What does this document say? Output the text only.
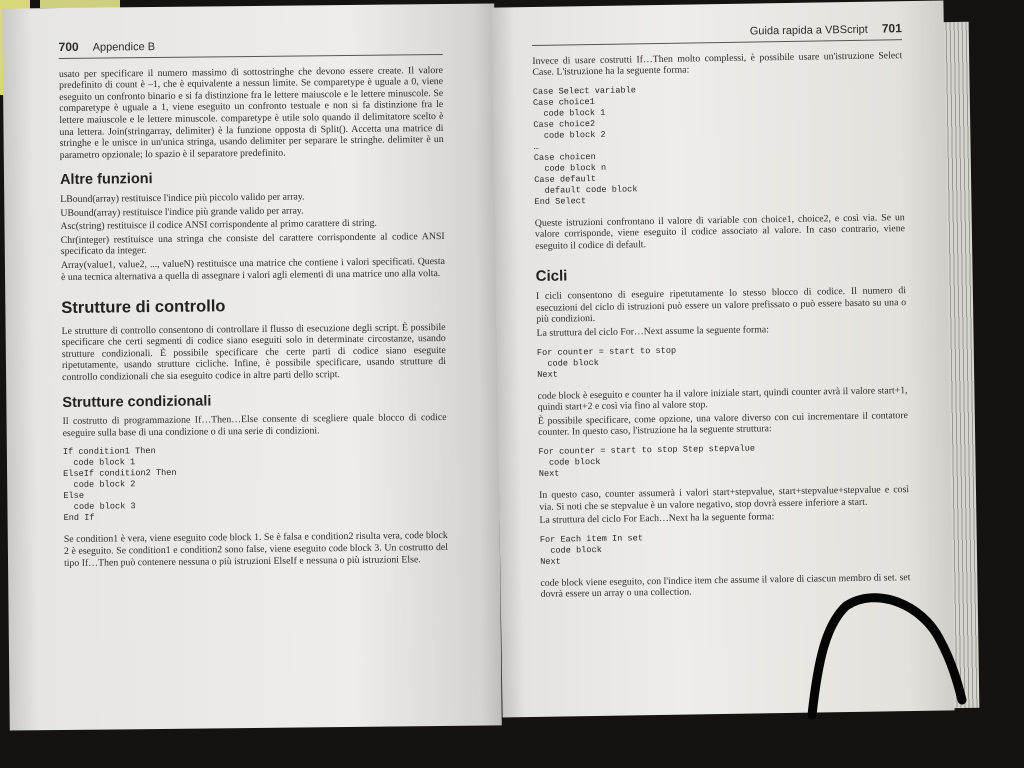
700 Appendice B

usato per specificare il numero massimo di sottostringhe che devono essere create. Il valore predefinito di count è –1, che è equivalente a nessun limite. Se comparetype è uguale a 0, viene eseguito un confronto binario e si fa distinzione fra le lettere maiuscole e le lettere minuscole. Se comparetype è uguale a 1, viene eseguito un confronto testuale e non si fa distinzione fra le lettere maiuscole e le lettere minuscole. comparetype è utile solo quando il delimitatore scelto è una lettera. Join(stringarray, delimiter) è la funzione opposta di Split(). Accetta una matrice di stringhe e le unisce in un'unica stringa, usando delimiter per separare le stringhe. delimiter è un parametro opzionale; lo spazio è il separatore predefinito.

Altre funzioni

LBound(array) restituisce l'indice più piccolo valido per array.

UBound(array) restituisce l'indice più grande valido per array.

Asc(string) restituisce il codice ANSI corrispondente al primo carattere di string.

Chr(integer) restituisce una stringa che consiste del carattere corrispondente al codice ANSI specificato da integer.

Array(value1, value2, ..., valueN) restituisce una matrice che contiene i valori specificati. Questa è una tecnica alternativa a quella di assegnare i valori agli elementi di una matrice uno alla volta.

Strutture di controllo

Le strutture di controllo consentono di controllare il flusso di esecuzione degli script. È possibile specificare che certi segmenti di codice siano eseguiti solo in determinate circostanze, usando strutture condizionali. È possibile specificare che certe parti di codice siano eseguite ripetutamente, usando strutture cicliche. Infine, è possibile specificare, usando strutture di controllo condizionali che sia eseguito codice in altre parti dello script.

Strutture condizionali

Il costrutto di programmazione If…Then…Else consente di scegliere quale blocco di codice eseguire sulla base di una condizione o di una serie di condizioni.

If condition1 Then
code block 1
ElseIf condition2 Then
code block 2
Else
code block 3
End If

Se condition1 è vera, viene eseguito code block 1. Se è falsa e condition2 risulta vera, code block 2 è eseguito. Se condition1 e condition2 sono false, viene eseguito code block 3. Un costrutto del tipo If…Then può contenere nessuna o più istruzioni ElseIf e nessuna o più istruzioni Else.

Guida rapida a VBScript 701

Invece di usare costrutti If…Then molto complessi, è possibile usare un'istruzione Select Case. L'istruzione ha la seguente forma:

Case Select variable
Case choice1
code block 1
Case choice2
code block 2
…
Case choicen
code block n
Case default
default code block
End Select

Queste istruzioni confrontano il valore di variable con choice1, choice2, e così via. Se un valore corrisponde, viene eseguito il codice associato al valore. In caso contrario, viene eseguito il codice di default.

Cicli

I cicli consentono di eseguire ripetutamente lo stesso blocco di codice. Il numero di esecuzioni del ciclo di istruzioni può essere un valore prefissato o può essere basato su una o più condizioni.

La struttura del ciclo For…Next assume la seguente forma:

For counter = start to stop
code block
Next

code block è eseguito e counter ha il valore iniziale start, quindi counter avrà il valore start+1, quindi start+2 e così via fino al valore stop.

È possibile specificare, come opzione, una valore diverso con cui incrementare il contatore counter. In questo caso, l'istruzione ha la seguente struttura:

For counter = start to stop Step stepvalue
code block
Next

In questo caso, counter assumerà i valori start+stepvalue, start+stepvalue+stepvalue e così via. Si noti che se stepvalue è un valore negativo, stop dovrà essere inferiore a start.

La struttura del ciclo For Each…Next ha la seguente forma:

For Each item In set
code block
Next

code block viene eseguito, con l'indice item che assume il valore di ciascun membro di set. set dovrà essere un array o una collection.
